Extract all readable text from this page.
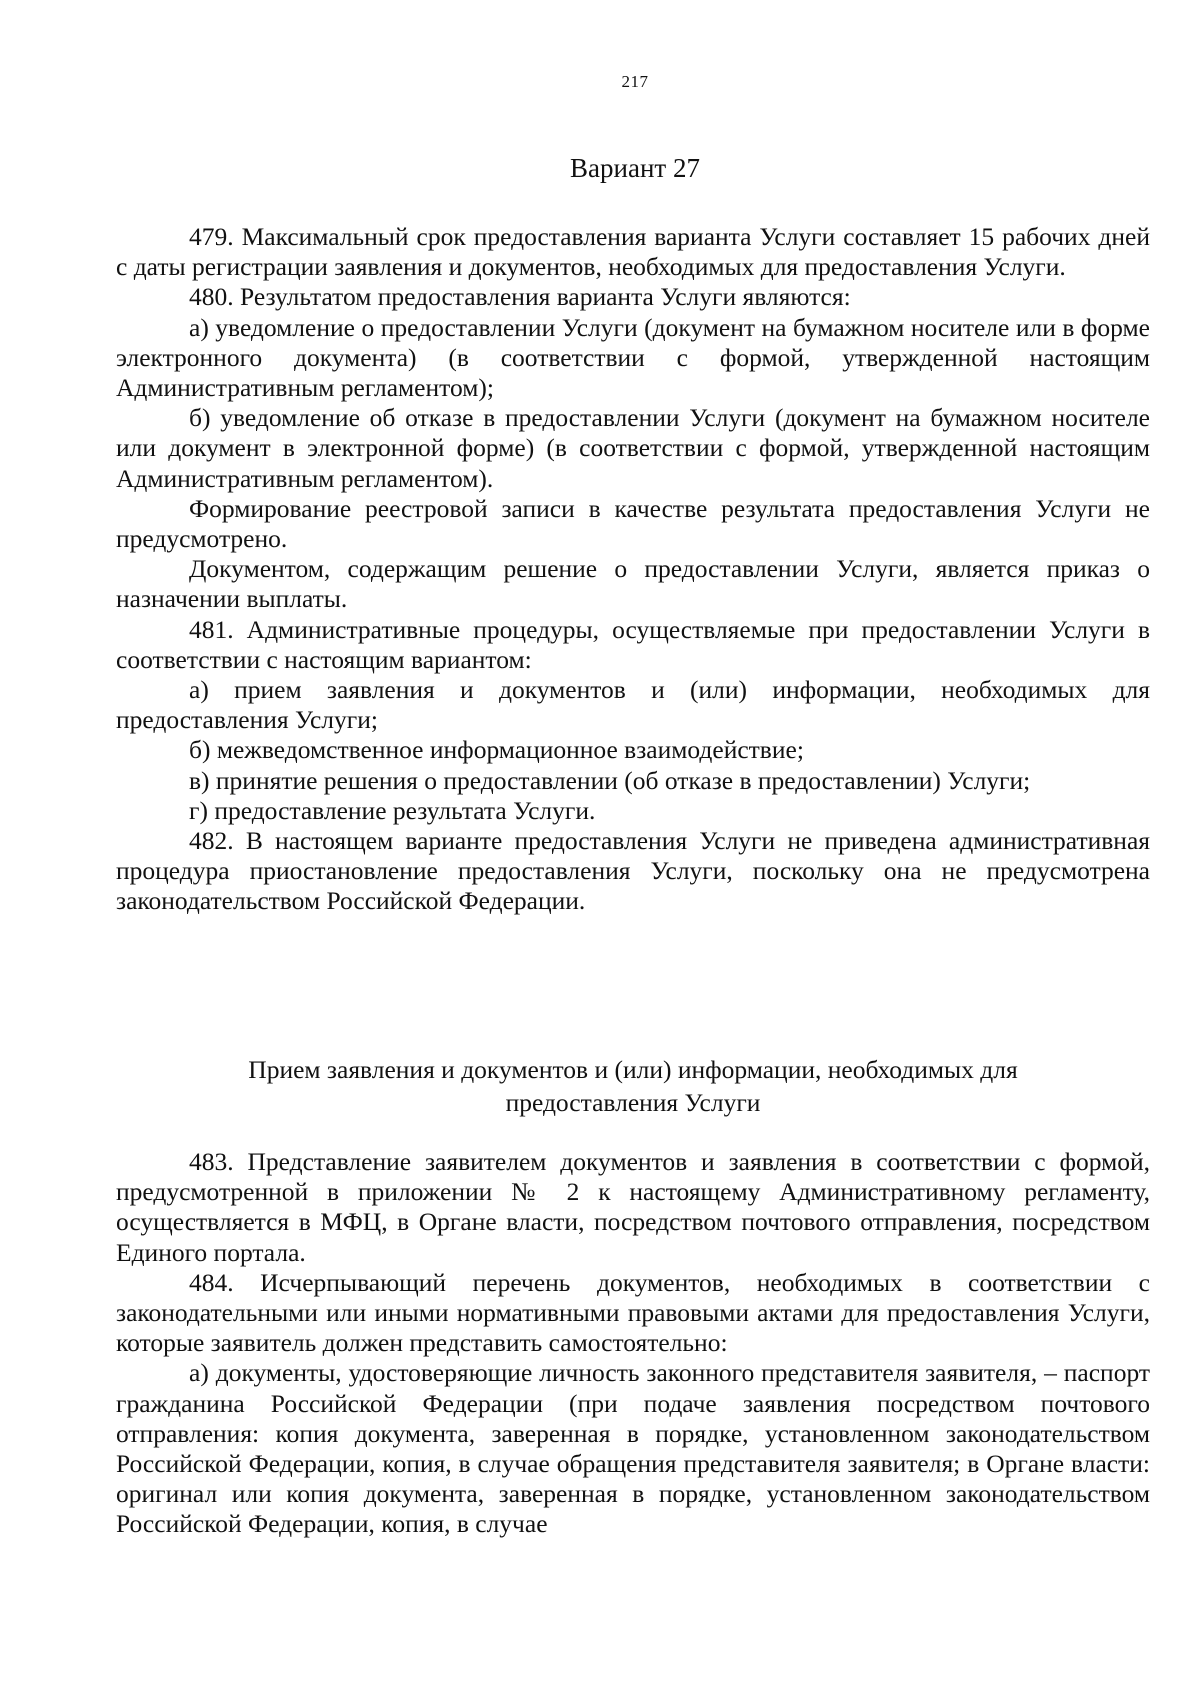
217
Вариант 27

479. Максимальный срок предоставления варианта Услуги составляет 15 рабочих дней с даты регистрации заявления и документов, необходимых для предоставления Услуги.

480. Результатом предоставления варианта Услуги являются:

а) уведомление о предоставлении Услуги (документ на бумажном носителе или в форме электронного документа) (в соответствии с формой, утвержденной настоящим Административным регламентом);

б) уведомление об отказе в предоставлении Услуги (документ на бумажном носителе или документ в электронной форме) (в соответствии с формой, утвержденной настоящим Административным регламентом).

Формирование реестровой записи в качестве результата предоставления Услуги не предусмотрено.

Документом, содержащим решение о предоставлении Услуги, является приказ о назначении выплаты.

481. Административные процедуры, осуществляемые при предоставлении Услуги в соответствии с настоящим вариантом:

а) прием заявления и документов и (или) информации, необходимых для предоставления Услуги;

б) межведомственное информационное взаимодействие;

в) принятие решения о предоставлении (об отказе в предоставлении) Услуги;

г) предоставление результата Услуги.

482. В настоящем варианте предоставления Услуги не приведена административная процедура приостановление предоставления Услуги, поскольку она не предусмотрена законодательством Российской Федерации.

Прием заявления и документов и (или) информации, необходимых для
предоставления Услуги

483. Представление заявителем документов и заявления в соответствии с формой, предусмотренной в приложении № 2 к настоящему Административному регламенту, осуществляется в МФЦ, в Органе власти, посредством почтового отправления, посредством Единого портала.

484. Исчерпывающий перечень документов, необходимых в соответствии с законодательными или иными нормативными правовыми актами для предоставления Услуги, которые заявитель должен представить самостоятельно:

а) документы, удостоверяющие личность законного представителя заявителя, – паспорт гражданина Российской Федерации (при подаче заявления посредством почтового отправления: копия документа, заверенная в порядке, установленном законодательством Российской Федерации, копия, в случае обращения представителя заявителя; в Органе власти: оригинал или копия документа, заверенная в порядке, установленном законодательством Российской Федерации, копия, в случае
